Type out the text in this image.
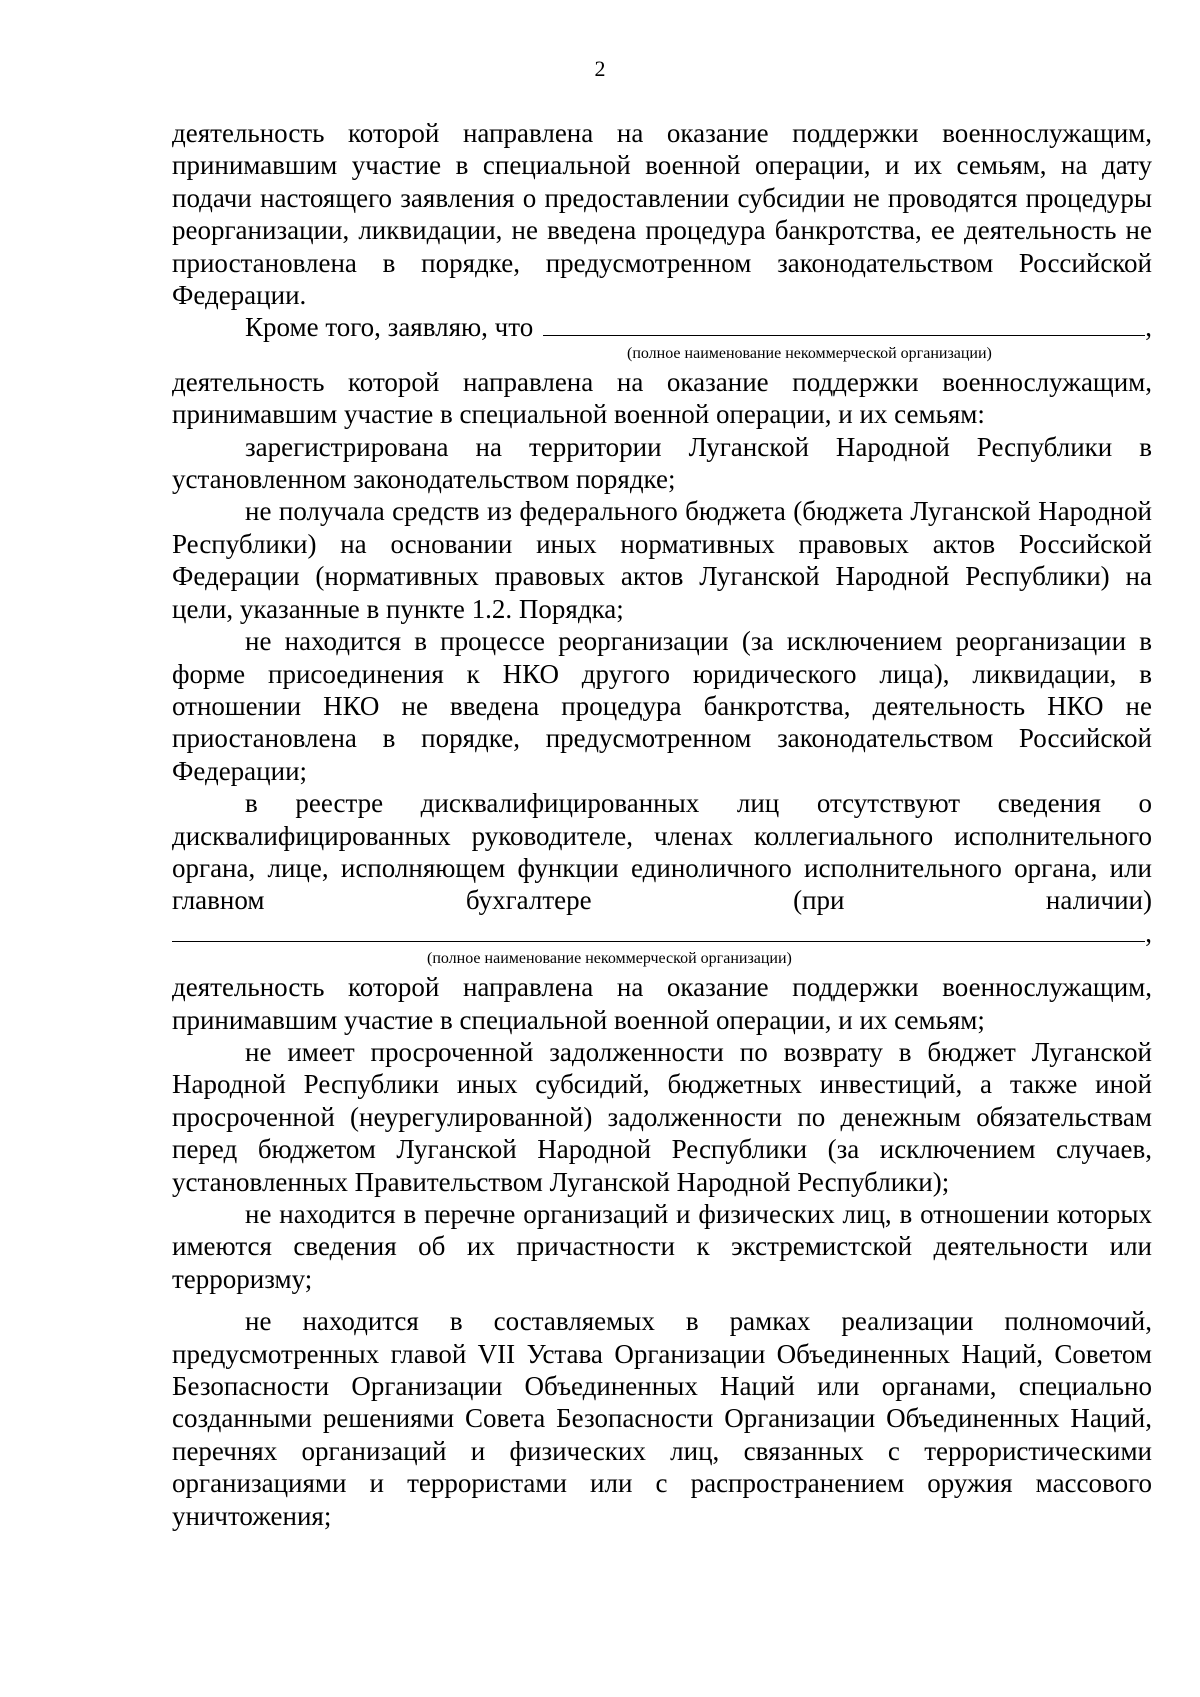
2

деятельность которой направлена на оказание поддержки военнослужащим, принимавшим участие в специальной военной операции, и их семьям, на дату подачи настоящего заявления о предоставлении субсидии не проводятся процедуры реорганизации, ликвидации, не введена процедура банкротства, ее деятельность не приостановлена в порядке, предусмотренном законодательством Российской Федерации.

Кроме того, заявляю, что	,

(полное наименование некоммерческой организации)

деятельность которой направлена на оказание поддержки военнослужащим, принимавшим участие в специальной военной операции, и их семьям:

зарегистрирована на территории Луганской Народной Республики в установленном законодательством порядке;

не получала средств из федерального бюджета (бюджета Луганской Народной Республики) на основании иных нормативных правовых актов Российской Федерации (нормативных правовых актов Луганской Народной Республики) на цели, указанные в пункте 1.2. Порядка;

не находится в процессе реорганизации (за исключением реорганизации в форме присоединения к НКО другого юридического лица), ликвидации, в отношении НКО не введена процедура банкротства, деятельность НКО не приостановлена в порядке, предусмотренном законодательством Российской Федерации;

в реестре дисквалифицированных лиц отсутствуют сведения о дисквалифицированных руководителе, членах коллегиального исполнительного органа, лице, исполняющем функции единоличного исполнительного органа, или главном бухгалтере (при наличии)

,

(полное наименование некоммерческой организации)

деятельность которой направлена на оказание поддержки военнослужащим, принимавшим участие в специальной военной операции, и их семьям;

не имеет просроченной задолженности по возврату в бюджет Луганской Народной Республики иных субсидий, бюджетных инвестиций, а также иной просроченной (неурегулированной) задолженности по денежным обязательствам перед бюджетом Луганской Народной Республики (за исключением случаев, установленных Правительством Луганской Народной Республики);

не находится в перечне организаций и физических лиц, в отношении которых имеются сведения об их причастности к экстремистской деятельности или терроризму;

не находится в составляемых в рамках реализации полномочий, предусмотренных главой VII Устава Организации Объединенных Наций, Советом Безопасности Организации Объединенных Наций или органами, специально созданными решениями Совета Безопасности Организации Объединенных Наций, перечнях организаций и физических лиц, связанных с террористическими организациями и террористами или с распространением оружия массового уничтожения;
